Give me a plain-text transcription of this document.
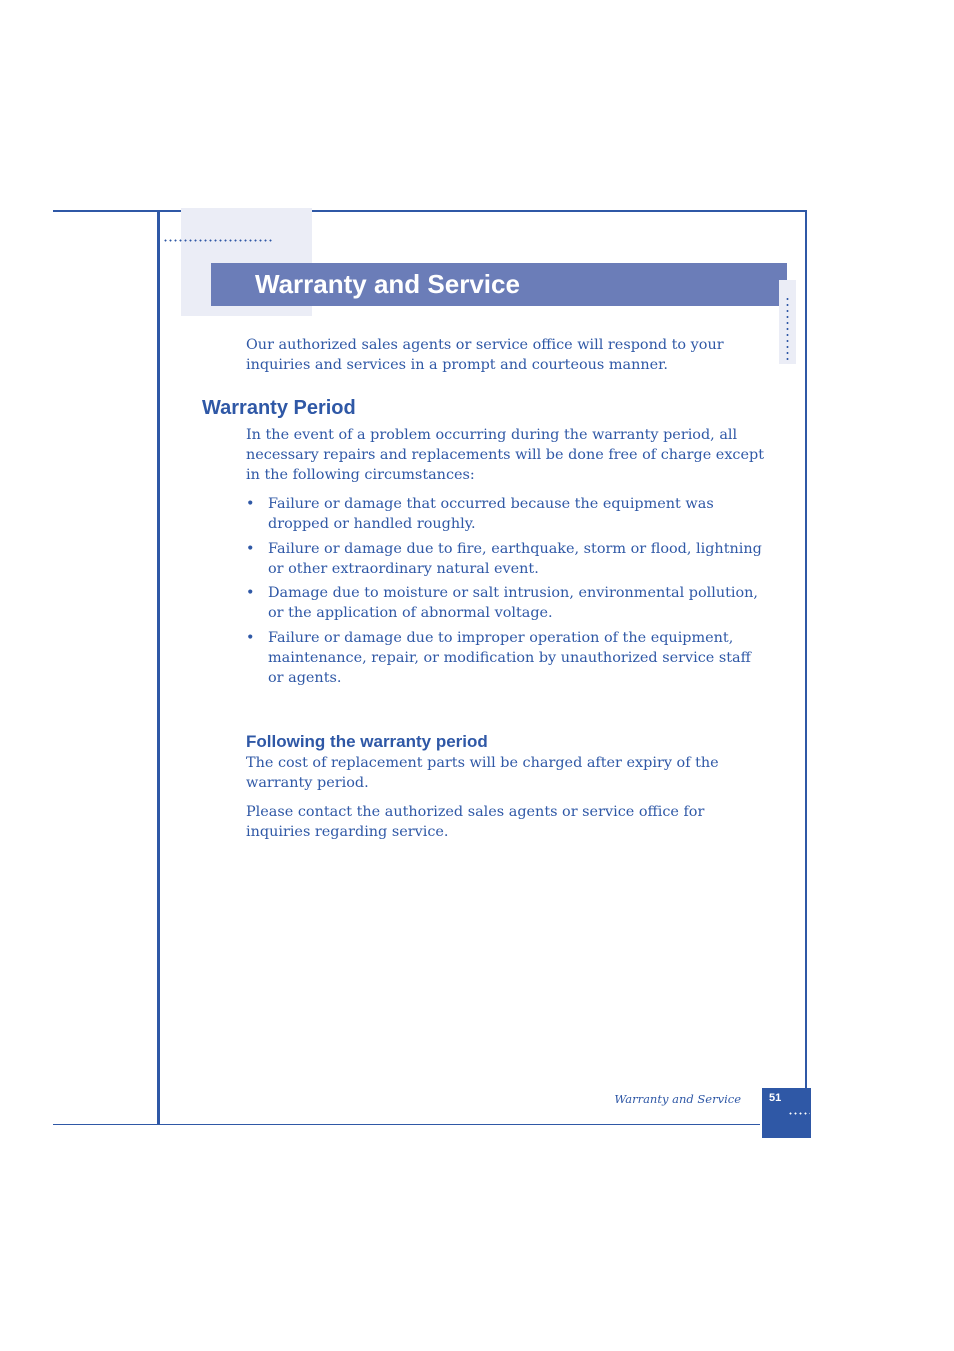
Warranty and Service

Our authorized sales agents or service office will respond to your inquiries and services in a prompt and courteous manner.

Warranty Period

In the event of a problem occurring during the warranty period, all necessary repairs and replacements will be done free of charge except in the following circumstances:

• Failure or damage that occurred because the equipment was dropped or handled roughly.
• Failure or damage due to fire, earthquake, storm or flood, lightning or other extraordinary natural event.
• Damage due to moisture or salt intrusion, environmental pollution, or the application of abnormal voltage.
• Failure or damage due to improper operation of the equipment, maintenance, repair, or modification by unauthorized service staff or agents.
Following the warranty period

The cost of replacement parts will be charged after expiry of the warranty period.

Please contact the authorized sales agents or service office for inquiries regarding service.

Warranty and Service	51
